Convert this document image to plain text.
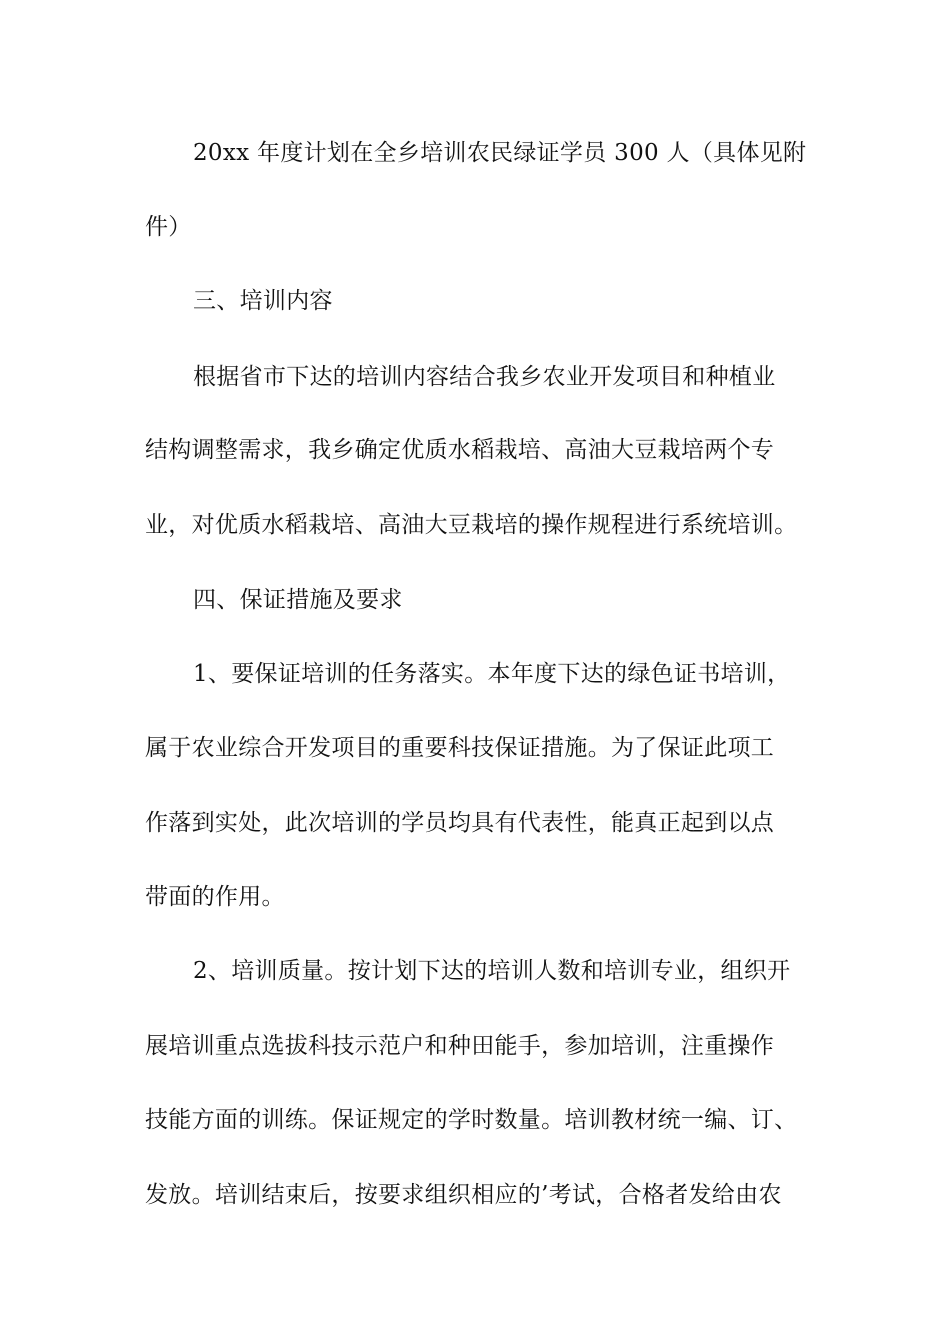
20xx 年度计划在全乡培训农民绿证学员 300 人（具体见附
件）
三、培训内容
根据省市下达的培训内容结合我乡农业开发项目和种植业
结构调整需求，我乡确定优质水稻栽培、高油大豆栽培两个专
业，对优质水稻栽培、高油大豆栽培的操作规程进行系统培训。
四、保证措施及要求
1、要保证培训的任务落实。本年度下达的绿色证书培训，
属于农业综合开发项目的重要科技保证措施。为了保证此项工
作落到实处，此次培训的学员均具有代表性，能真正起到以点
带面的作用。
2、培训质量。按计划下达的培训人数和培训专业，组织开
展培训重点选拔科技示范户和种田能手，参加培训，注重操作
技能方面的训练。保证规定的学时数量。培训教材统一编、订、
发放。培训结束后，按要求组织相应的’考试，合格者发给由农
